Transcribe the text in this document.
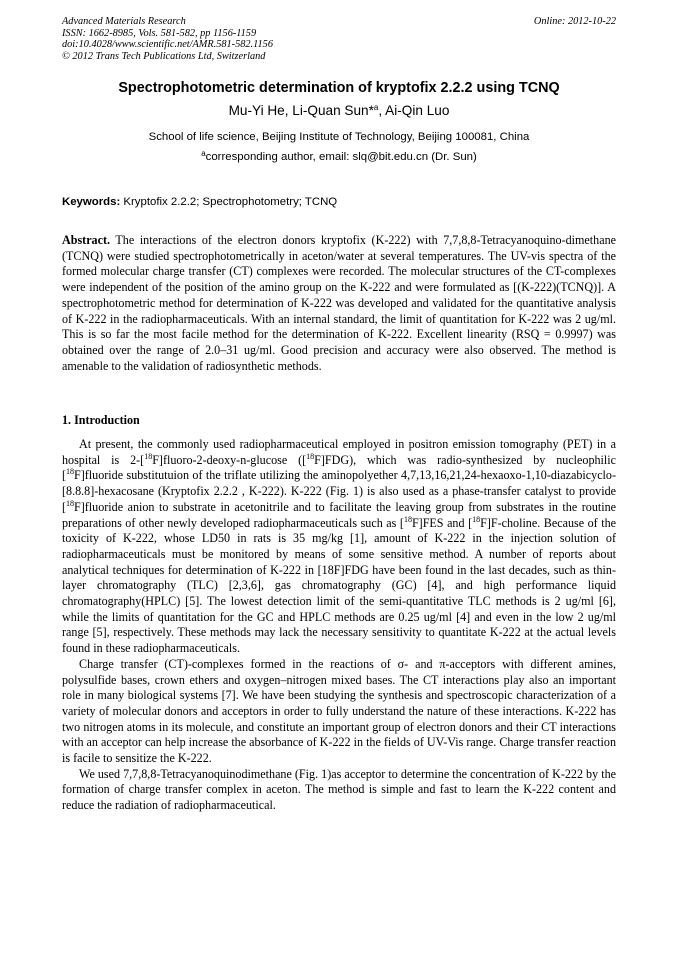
Advanced Materials Research
ISSN: 1662-8985, Vols. 581-582, pp 1156-1159
doi:10.4028/www.scientific.net/AMR.581-582.1156
© 2012 Trans Tech Publications Ltd, Switzerland
Online: 2012-10-22
Spectrophotometric determination of kryptofix 2.2.2 using TCNQ
Mu-Yi He, Li-Quan Sun*$^a$, Ai-Qin Luo
School of life science, Beijing Institute of Technology, Beijing 100081, China
$^a$corresponding author, email: slq@bit.edu.cn (Dr. Sun)
Keywords: Kryptofix 2.2.2; Spectrophotometry; TCNQ
Abstract. The interactions of the electron donors kryptofix (K-222) with 7,7,8,8-Tetracyanoquino-dimethane (TCNQ) were studied spectrophotometrically in aceton/water at several temperatures. The UV-vis spectra of the formed molecular charge transfer (CT) complexes were recorded. The molecular structures of the CT-complexes were independent of the position of the amino group on the K-222 and were formulated as [(K-222)(TCNQ)]. A spectrophotometric method for determination of K-222 was developed and validated for the quantitative analysis of K-222 in the radiopharmaceuticals. With an internal standard, the limit of quantitation for K-222 was 2 ug/ml. This is so far the most facile method for the determination of K-222. Excellent linearity (RSQ = 0.9997) was obtained over the range of 2.0–31 ug/ml. Good precision and accuracy were also observed. The method is amenable to the validation of radiosynthetic methods.
1. Introduction

At present, the commonly used radiopharmaceutical employed in positron emission tomography (PET) in a hospital is 2-[$^{18}$F]fluoro-2-deoxy-n-glucose ([$^{18}$F]FDG), which was radio-synthesized by nucleophilic [$^{18}$F]fluoride substitutuion of the triflate utilizing the aminopolyether 4,7,13,16,21,24-hexaoxo-1,10-diazabicyclo-[8.8.8]-hexacosane (Kryptofix 2.2.2 , K-222). K-222 (Fig. 1) is also used as a phase-transfer catalyst to provide [$^{18}$F]fluoride anion to substrate in acetonitrile and to facilitate the leaving group from substrates in the routine preparations of other newly developed radiopharmaceuticals such as [$^{18}$F]FES and [$^{18}$F]F-choline. Because of the toxicity of K-222, whose LD50 in rats is 35 mg/kg [1], amount of K-222 in the injection solution of radiopharmaceuticals must be monitored by means of some sensitive method. A number of reports about analytical techniques for determination of K-222 in [18F]FDG have been found in the last decades, such as thin-layer chromatography (TLC) [2,3,6], gas chromatography (GC) [4], and high performance liquid chromatography(HPLC) [5]. The lowest detection limit of the semi-quantitative TLC methods is 2 ug/ml [6], while the limits of quantitation for the GC and HPLC methods are 0.25 ug/ml [4] and even in the low 2 ug/ml range [5], respectively. These methods may lack the necessary sensitivity to quantitate K-222 at the actual levels found in these radiopharmaceuticals.

Charge transfer (CT)-complexes formed in the reactions of σ- and π-acceptors with different amines, polysulfide bases, crown ethers and oxygen–nitrogen mixed bases. The CT interactions play also an important role in many biological systems [7]. We have been studying the synthesis and spectroscopic characterization of a variety of molecular donors and acceptors in order to fully understand the nature of these interactions. K-222 has two nitrogen atoms in its molecule, and constitute an important group of electron donors and their CT interactions with an acceptor can help increase the absorbance of K-222 in the fields of UV-Vis range. Charge transfer reaction is facile to sensitize the K-222.

We used 7,7,8,8-Tetracyanoquinodimethane (Fig. 1)as acceptor to determine the concentration of K-222 by the formation of charge transfer complex in aceton. The method is simple and fast to learn the K-222 content and reduce the radiation of radiopharmaceutical.
